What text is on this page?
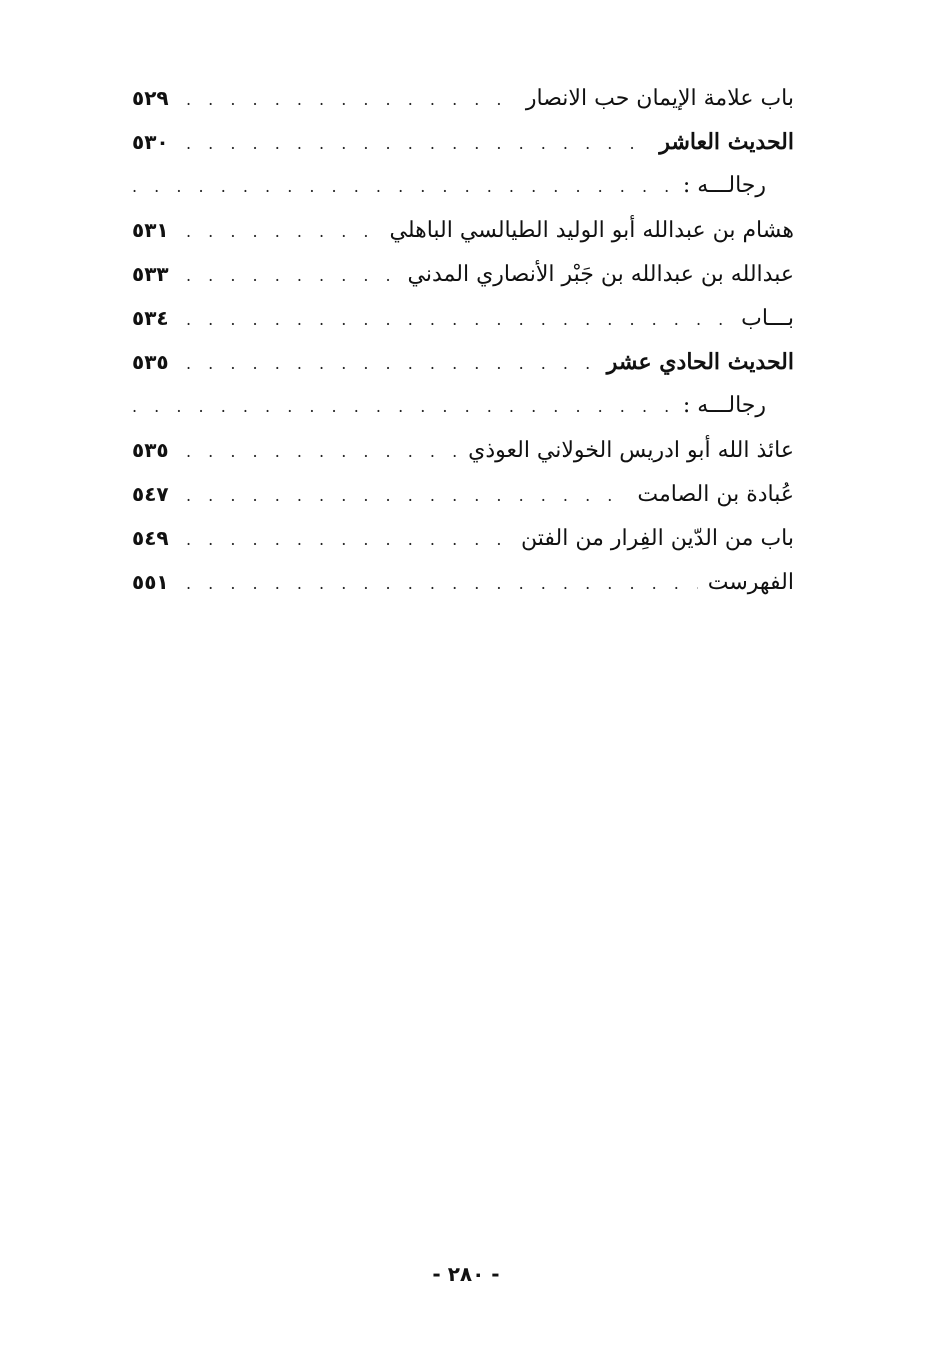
باب علامة الإيمان حب الانصار
. . .
٥٢٩
الحديث العاشر
. . .
٥٣٠
رجالـــه :
. . .
هشام بن عبدالله أبو الوليد الطيالسي الباهلي
. . .
٥٣١
عبدالله بن عبدالله بن جَبْر الأنصاري المدني
. . .
٥٣٣
بـــاب
. . .
٥٣٤
الحديث الحادي عشر
. . .
٥٣٥
رجالـــه :
. . .
عائذ الله أبو ادريس الخولاني العوذي
. . .
٥٣٥
عُبادة بن الصامت
. . .
٥٤٧
باب من الدّين الفِرار من الفتن
. . .
٥٤٩
الفهرست
. . .
٥٥١
- ٢٨٠ -
